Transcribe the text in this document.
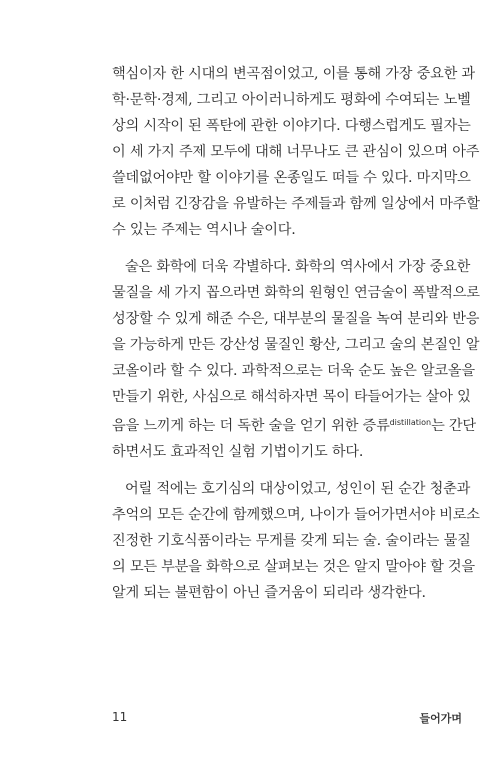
핵심이자 한 시대의 변곡점이었고, 이를 통해 가장 중요한 과
학·문학·경제, 그리고 아이러니하게도 평화에 수여되는 노벨
상의 시작이 된 폭탄에 관한 이야기다. 다행스럽게도 필자는
이 세 가지 주제 모두에 대해 너무나도 큰 관심이 있으며 아주
쓸데없어야만 할 이야기를 온종일도 떠들 수 있다. 마지막으
로 이처럼 긴장감을 유발하는 주제들과 함께 일상에서 마주할
수 있는 주제는 역시나 술이다.

술은 화학에 더욱 각별하다. 화학의 역사에서 가장 중요한
물질을 세 가지 꼽으라면 화학의 원형인 연금술이 폭발적으로
성장할 수 있게 해준 수은, 대부분의 물질을 녹여 분리와 반응
을 가능하게 만든 강산성 물질인 황산, 그리고 술의 본질인 알
코올이라 할 수 있다. 과학적으로는 더욱 순도 높은 알코올을
만들기 위한, 사심으로 해석하자면 목이 타들어가는 살아 있
음을 느끼게 하는 더 독한 술을 얻기 위한 증류$^{distillation}$는 간단
하면서도 효과적인 실험 기법이기도 하다.

어릴 적에는 호기심의 대상이었고, 성인이 된 순간 청춘과
추억의 모든 순간에 함께했으며, 나이가 들어가면서야 비로소
진정한 기호식품이라는 무게를 갖게 되는 술. 술이라는 물질
의 모든 부분을 화학으로 살펴보는 것은 알지 말아야 할 것을
알게 되는 불편함이 아닌 즐거움이 되리라 생각한다.

11	들어가며
